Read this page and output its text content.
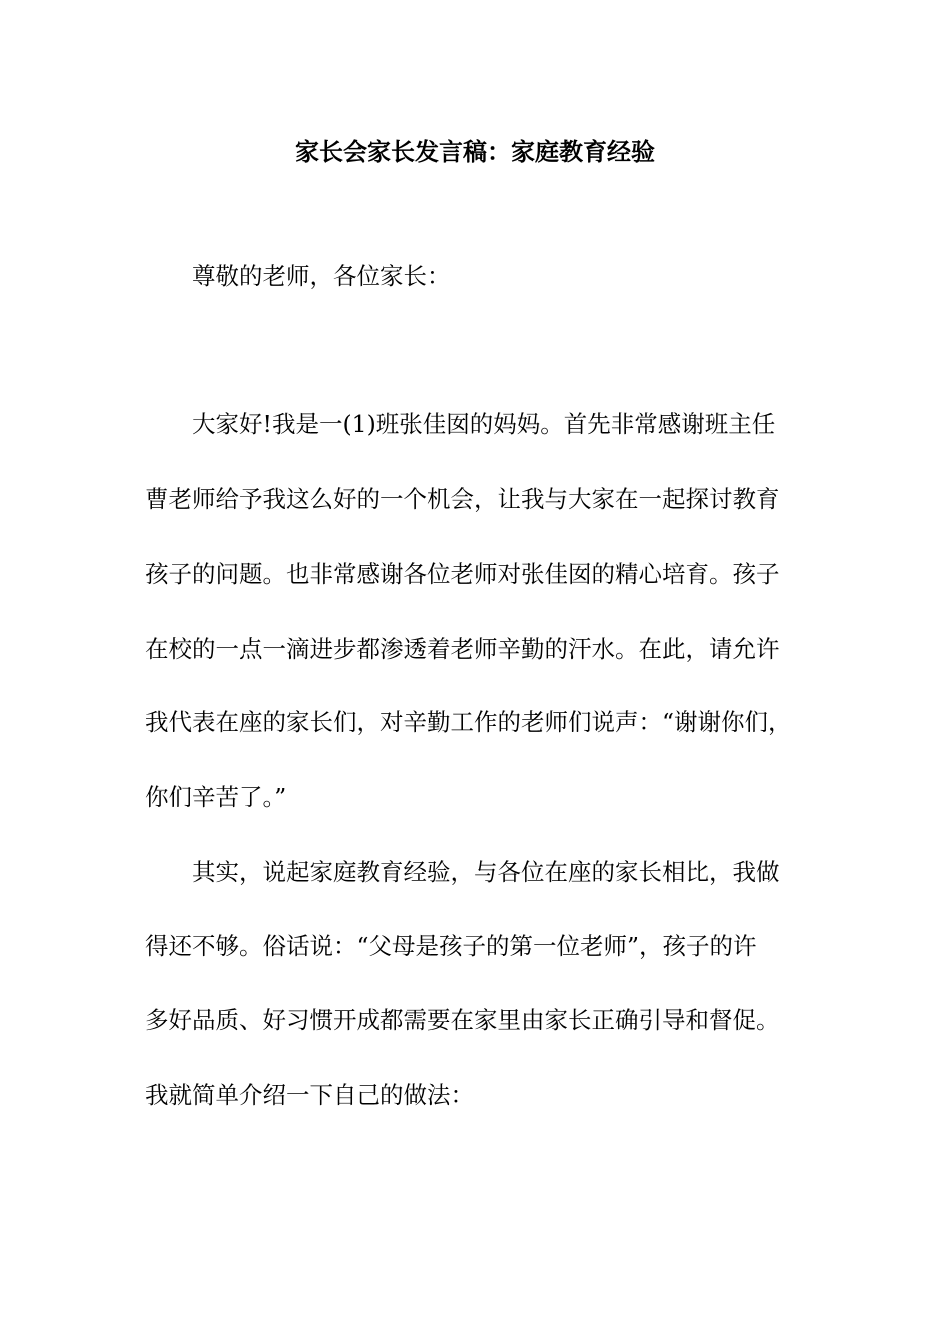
家长会家长发言稿：家庭教育经验
尊敬的老师，各位家长：
大家好!我是一(1)班张佳囡的妈妈。首先非常感谢班主任
曹老师给予我这么好的一个机会，让我与大家在一起探讨教育
孩子的问题。也非常感谢各位老师对张佳囡的精心培育。孩子
在校的一点一滴进步都渗透着老师辛勤的汗水。在此，请允许
我代表在座的家长们，对辛勤工作的老师们说声：“谢谢你们，
你们辛苦了。”
其实，说起家庭教育经验，与各位在座的家长相比，我做
得还不够。俗话说：“父母是孩子的第一位老师”，孩子的许
多好品质、好习惯开成都需要在家里由家长正确引导和督促。
我就简单介绍一下自己的做法：
